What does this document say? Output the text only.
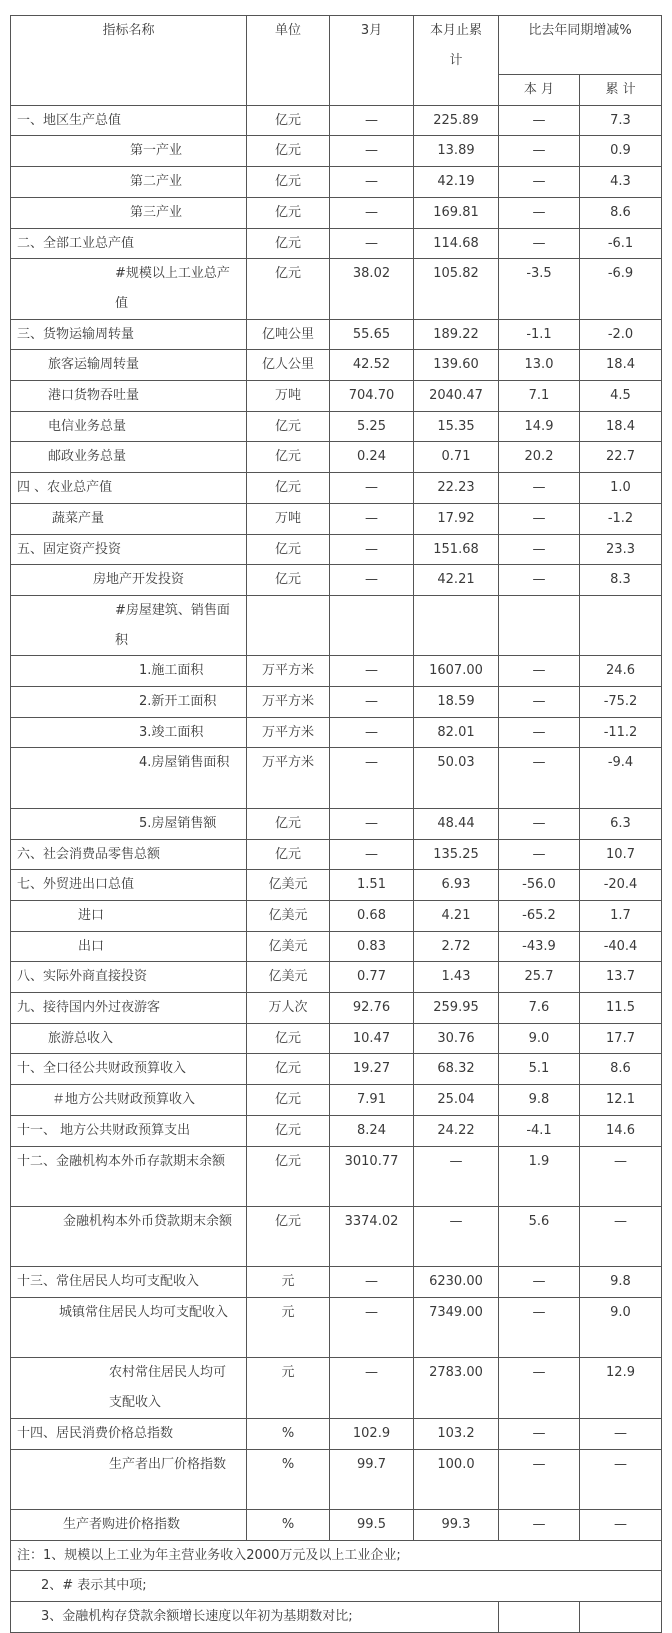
指标名称	单位	3月	本月止累计	比去年同期增减%	
				本 月	累 计
一、地区生产总值	亿元	—	225.89	—	7.3
第一产业	亿元	—	13.89	—	0.9
第二产业	亿元	—	42.19	—	4.3
第三产业	亿元	—	169.81	—	8.6
二、全部工业总产值	亿元	—	114.68	—	-6.1
#规模以上工业总产值	亿元	38.02	105.82	-3.5	-6.9
三、货物运输周转量	亿吨公里	55.65	189.22	-1.1	-2.0
旅客运输周转量	亿人公里	42.52	139.60	13.0	18.4
港口货物吞吐量	万吨	704.70	2040.47	7.1	4.5
电信业务总量	亿元	5.25	15.35	14.9	18.4
邮政业务总量	亿元	0.24	0.71	20.2	22.7
四 、农业总产值	亿元	—	22.23	—	1.0
蔬菜产量	万吨	—	17.92	—	-1.2
五、固定资产投资	亿元	—	151.68	—	23.3
房地产开发投资	亿元	—	42.21	—	8.3
#房屋建筑、销售面积					
1.施工面积	万平方米	—	1607.00	—	24.6
2.新开工面积	万平方米	—	18.59	—	-75.2
3.竣工面积	万平方米	—	82.01	—	-11.2
4.房屋销售面积	万平方米	—	50.03	—	-9.4
5.房屋销售额	亿元	—	48.44	—	6.3
六、社会消费品零售总额	亿元	—	135.25	—	10.7
七、外贸进出口总值	亿美元	1.51	6.93	-56.0	-20.4
进口	亿美元	0.68	4.21	-65.2	1.7
出口	亿美元	0.83	2.72	-43.9	-40.4
八、实际外商直接投资	亿美元	0.77	1.43	25.7	13.7
九、接待国内外过夜游客	万人次	92.76	259.95	7.6	11.5
旅游总收入	亿元	10.47	30.76	9.0	17.7
十、全口径公共财政预算收入	亿元	19.27	68.32	5.1	8.6
＃地方公共财政预算收入	亿元	7.91	25.04	9.8	12.1
十一、 地方公共财政预算支出	亿元	8.24	24.22	-4.1	14.6
十二、金融机构本外币存款期末余额	亿元	3010.77	—	1.9	—
金融机构本外币贷款期末余额	亿元	3374.02	—	5.6	—
十三、常住居民人均可支配收入	元	—	6230.00	—	9.8
城镇常住居民人均可支配收入	元	—	7349.00	—	9.0
农村常住居民人均可支配收入	元	—	2783.00	—	12.9
十四、居民消费价格总指数	%	102.9	103.2	—	—
生产者出厂价格指数	%	99.7	100.0	—	—
生产者购进价格指数	%	99.5	99.3	—	—
注：1、规模以上工业为年主营业务收入2000万元及以上工业企业;					
2、# 表示其中项;					
3、金融机构存贷款余额增长速度以年初为基期数对比;					
